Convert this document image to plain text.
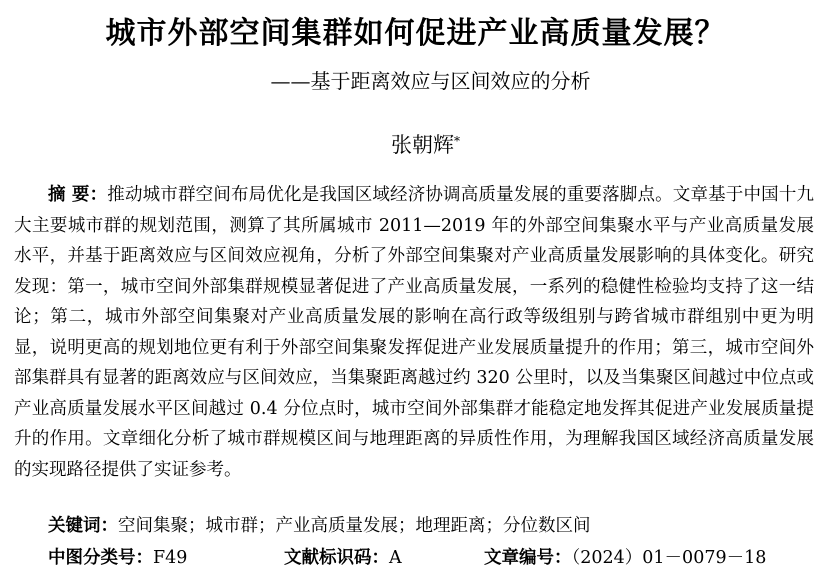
城市外部空间集群如何促进产业高质量发展？
——基于距离效应与区间效应的分析
张朝辉*
摘 要：推动城市群空间布局优化是我国区域经济协调高质量发展的重要落脚点。文章基于中国十九大主要城市群的规划范围，测算了其所属城市 2011—2019 年的外部空间集聚水平与产业高质量发展水平，并基于距离效应与区间效应视角，分析了外部空间集聚对产业高质量发展影响的具体变化。研究发现：第一，城市空间外部集群规模显著促进了产业高质量发展，一系列的稳健性检验均支持了这一结论；第二，城市外部空间集聚对产业高质量发展的影响在高行政等级组别与跨省城市群组别中更为明显，说明更高的规划地位更有利于外部空间集聚发挥促进产业发展质量提升的作用；第三，城市空间外部集群具有显著的距离效应与区间效应，当集聚距离越过约 320 公里时，以及当集聚区间越过中位点或产业高质量发展水平区间越过 0.4 分位点时，城市空间外部集群才能稳定地发挥其促进产业发展质量提升的作用。文章细化分析了城市群规模区间与地理距离的异质性作用，为理解我国区域经济高质量发展的实现路径提供了实证参考。
关键词：空间集聚；城市群；产业高质量发展；地理距离；分位数区间
中图分类号：F49	文献标识码：A	文章编号：（2024）01－0079－18
